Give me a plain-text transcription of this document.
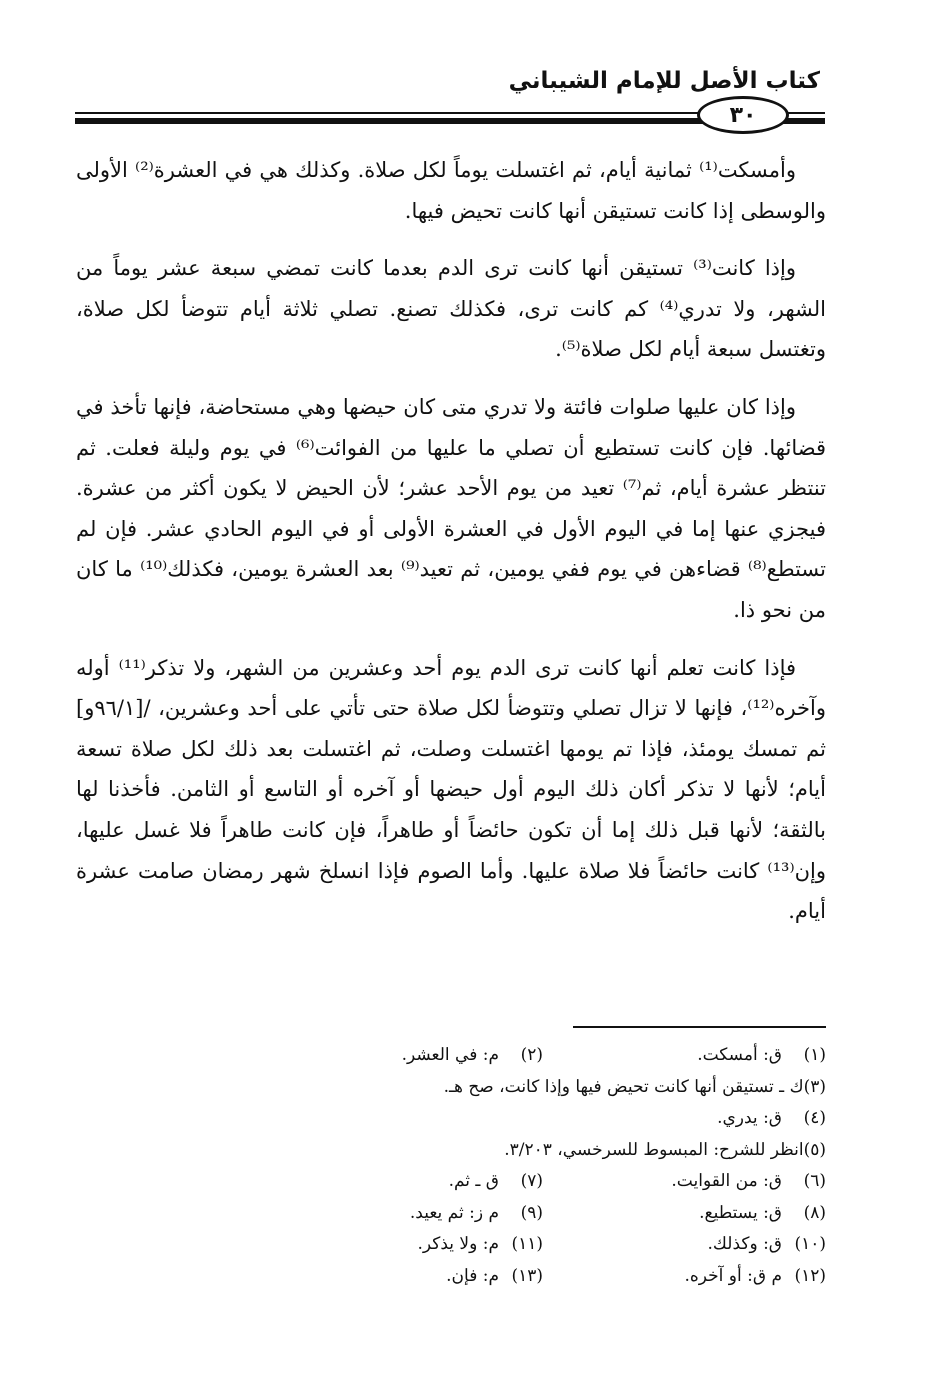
كتاب الأصل للإمام الشيباني
٣٠

وأمسكت⁽¹⁾ ثمانية أيام، ثم اغتسلت يوماً لكل صلاة. وكذلك هي في العشرة⁽²⁾ الأولى والوسطى إذا كانت تستيقن أنها كانت تحيض فيها.

وإذا كانت⁽³⁾ تستيقن أنها كانت ترى الدم بعدما كانت تمضي سبعة عشر يوماً من الشهر، ولا تدري⁽⁴⁾ كم كانت ترى، فكذلك تصنع. تصلي ثلاثة أيام تتوضأ لكل صلاة، وتغتسل سبعة أيام لكل صلاة⁽⁵⁾.

وإذا كان عليها صلوات فائتة ولا تدري متى كان حيضها وهي مستحاضة، فإنها تأخذ في قضائها. فإن كانت تستطيع أن تصلي ما عليها من الفوائت⁽⁶⁾ في يوم وليلة فعلت. ثم تنتظر عشرة أيام، ثم⁽⁷⁾ تعيد من يوم الأحد عشر؛ لأن الحيض لا يكون أكثر من عشرة. فيجزي عنها إما في اليوم الأول في العشرة الأولى أو في اليوم الحادي عشر. فإن لم تستطع⁽⁸⁾ قضاءهن في يوم ففي يومين، ثم تعيد⁽⁹⁾ بعد العشرة يومين، فكذلك⁽¹⁰⁾ ما كان من نحو ذا.

فإذا كانت تعلم أنها كانت ترى الدم يوم أحد وعشرين من الشهر، ولا تذكر⁽¹¹⁾ أوله وآخره⁽¹²⁾، فإنها لا تزال تصلي وتتوضأ لكل صلاة حتى تأتي على أحد وعشرين، /[٩٦/١و] ثم تمسك يومئذ، فإذا تم يومها اغتسلت وصلت، ثم اغتسلت بعد ذلك لكل صلاة تسعة أيام؛ لأنها لا تذكر أكان ذلك اليوم أول حيضها أو آخره أو التاسع أو الثامن. فأخذنا لها بالثقة؛ لأنها قبل ذلك إما أن تكون حائضاً أو طاهراً، فإن كانت طاهراً فلا غسل عليها، وإن⁽¹³⁾ كانت حائضاً فلا صلاة عليها. وأما الصوم فإذا انسلخ شهر رمضان صامت عشرة أيام.

(١)
ق: أمسكت.
(٢)
م: في العشر.
(٣)
ك ـ تستيقن أنها كانت تحيض فيها وإذا كانت، صح هـ.
(٤)
ق: يدري.
(٥)
انظر للشرح: المبسوط للسرخسي، ٣/٢٠٣.
(٦)
ق: من القوايت.
(٧)
ق ـ ثم.
(٨)
ق: يستطيع.
(٩)
م ز: ثم يعيد.
(١٠)
ق: وكذلك.
(١١)
م: ولا يذكر.
(١٢)
م ق: أو آخره.
(١٣)
م: فإن.
